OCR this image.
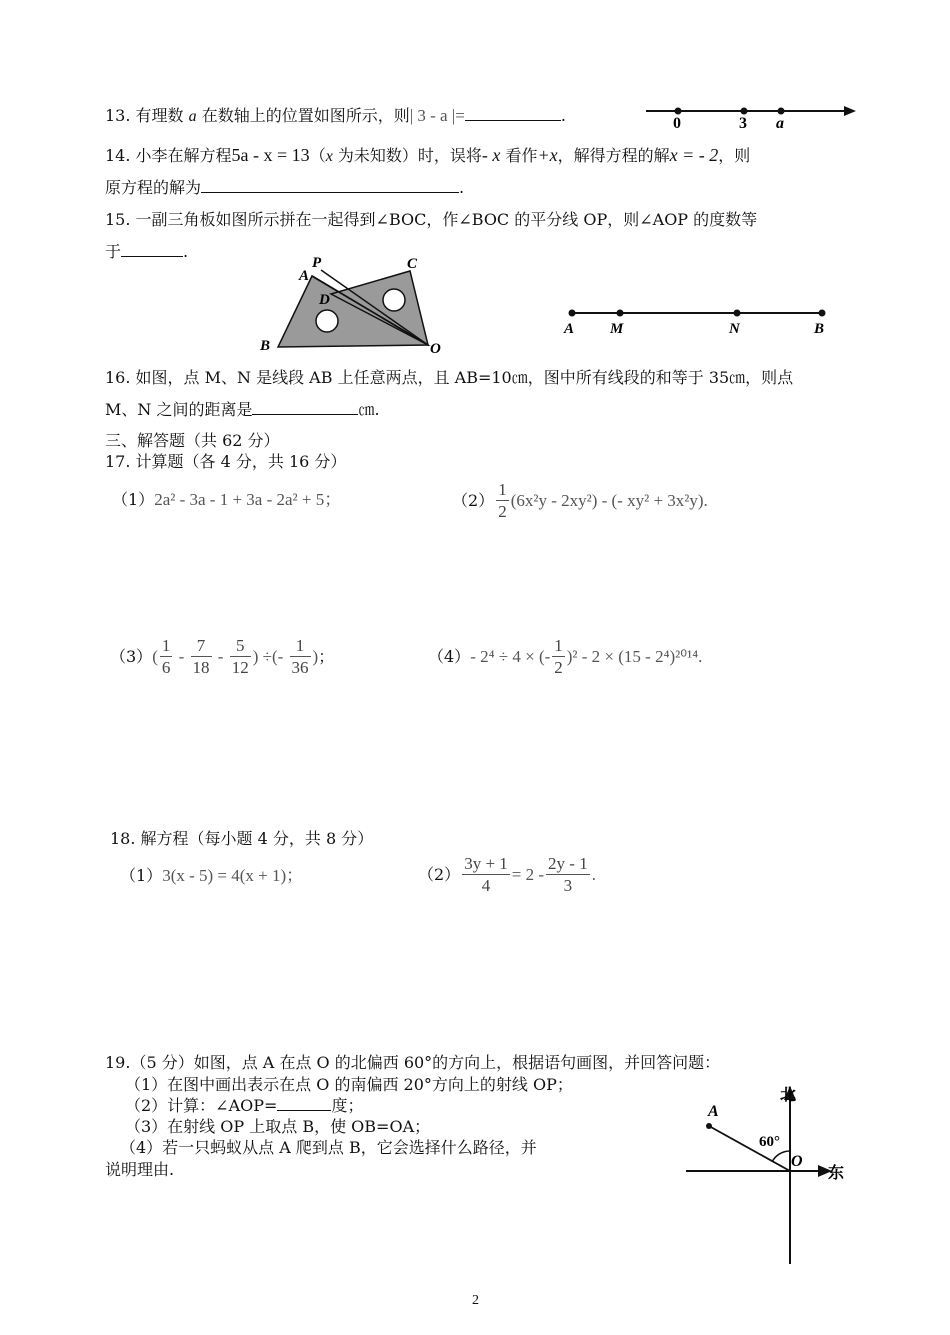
13. 有理数 a 在数轴上的位置如图所示，则| 3 - a |=	.	0	3 a
14. 小李在解方程5a - x = 13（x 为未知数）时，误将- x 看作+x，解得方程的解x = - 2，则
原方程的解为	.
15. 一副三角板如图所示拼在一起得到∠BOC，作∠BOC 的平分线 OP，则∠AOP 的度数等
于	.
P	C
A
D
B	O
A M	N	B
16. 如图，点 M、N 是线段 AB 上任意两点，且 AB=10㎝，图中所有线段的和等于 35㎝，则点
M、N 之间的距离是	㎝.
三、解答题（共 62 分）
17. 计算题（各 4 分，共 16 分）
（1）2a² - 3a - 1 + 3a - 2a² + 5；	$(2) \frac{1}{2} (6x^2y - 2xy^2)$ - (- xy² + 3x²y).
$(3)( \frac{1}{6} - \frac{7}{18} - \frac{5}{12}$ ) ÷(- $\frac{1}{36}$ )；	（4）- 2⁴ ÷ 4 × (- $\frac{1}{2} )^2 - 2 \times (15 - 2^4)^{2014}$.
18. 解方程（每小题 4 分，共 8 分）
（1）3(x - 5) = 4(x + 1)；	$(2) \frac{3y + 1}{4} = 2 - \frac{2y - 1}{3}$ .
19.（5 分）如图，点 A 在点 O 的北偏西 60°的方向上，根据语句画图，并回答问题：
（1）在图中画出表示在点 O 的南偏西 20°方向上的射线 OP；
（2）计算：∠AOP=	度；
（3）在射线 OP 上取点 B，使 OB=OA；
（4）若一只蚂蚁从点 A 爬到点 B，它会选择什么路径，并
说明理由.
北
东
A
O
60°
2
